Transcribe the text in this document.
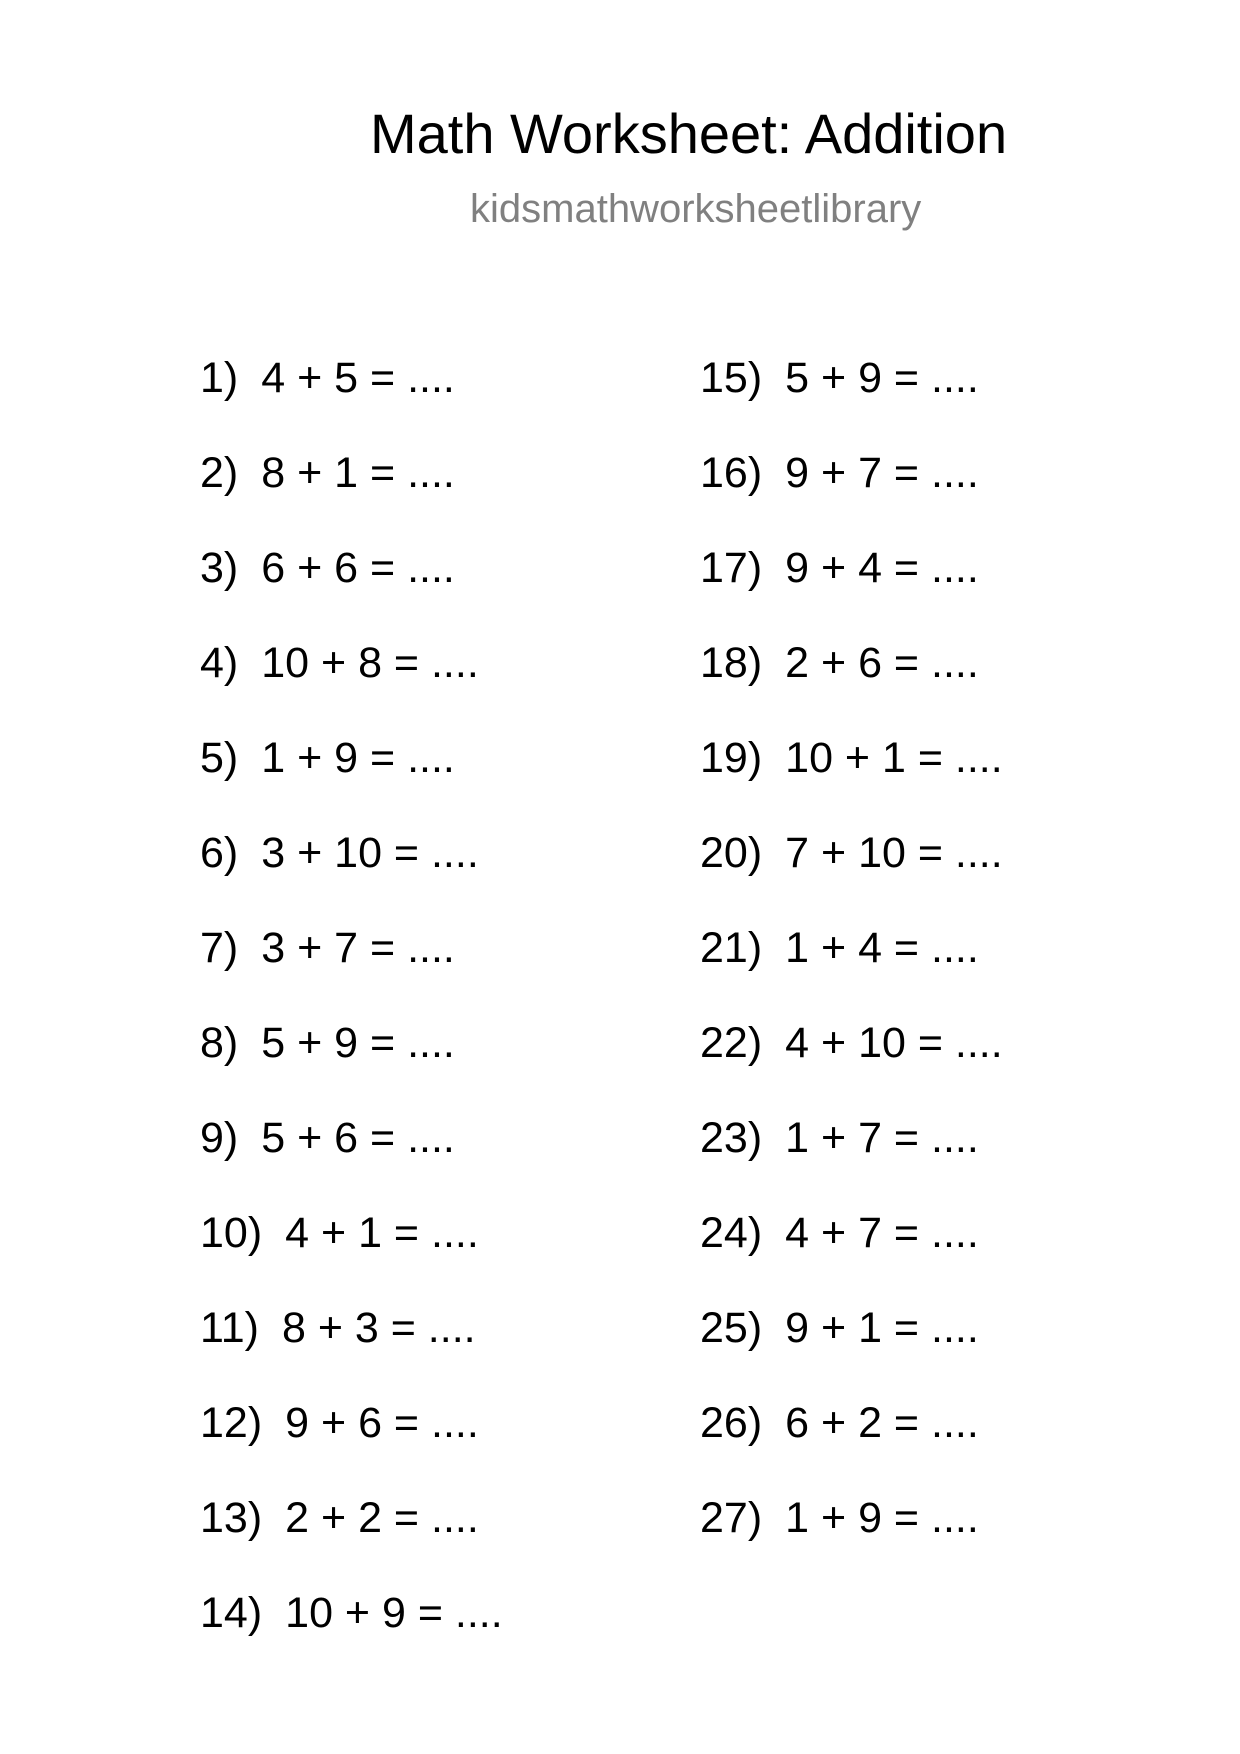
Math Worksheet: Addition
kidsmathworksheetlibrary
1) 4 + 5 = ....
2) 8 + 1 = ....
3) 6 + 6 = ....
4) 10 + 8 = ....
5) 1 + 9 = ....
6) 3 + 10 = ....
7) 3 + 7 = ....
8) 5 + 9 = ....
9) 5 + 6 = ....
10) 4 + 1 = ....
11) 8 + 3 = ....
12) 9 + 6 = ....
13) 2 + 2 = ....
14) 10 + 9 = ....
15) 5 + 9 = ....
16) 9 + 7 = ....
17) 9 + 4 = ....
18) 2 + 6 = ....
19) 10 + 1 = ....
20) 7 + 10 = ....
21) 1 + 4 = ....
22) 4 + 10 = ....
23) 1 + 7 = ....
24) 4 + 7 = ....
25) 9 + 1 = ....
26) 6 + 2 = ....
27) 1 + 9 = ....
